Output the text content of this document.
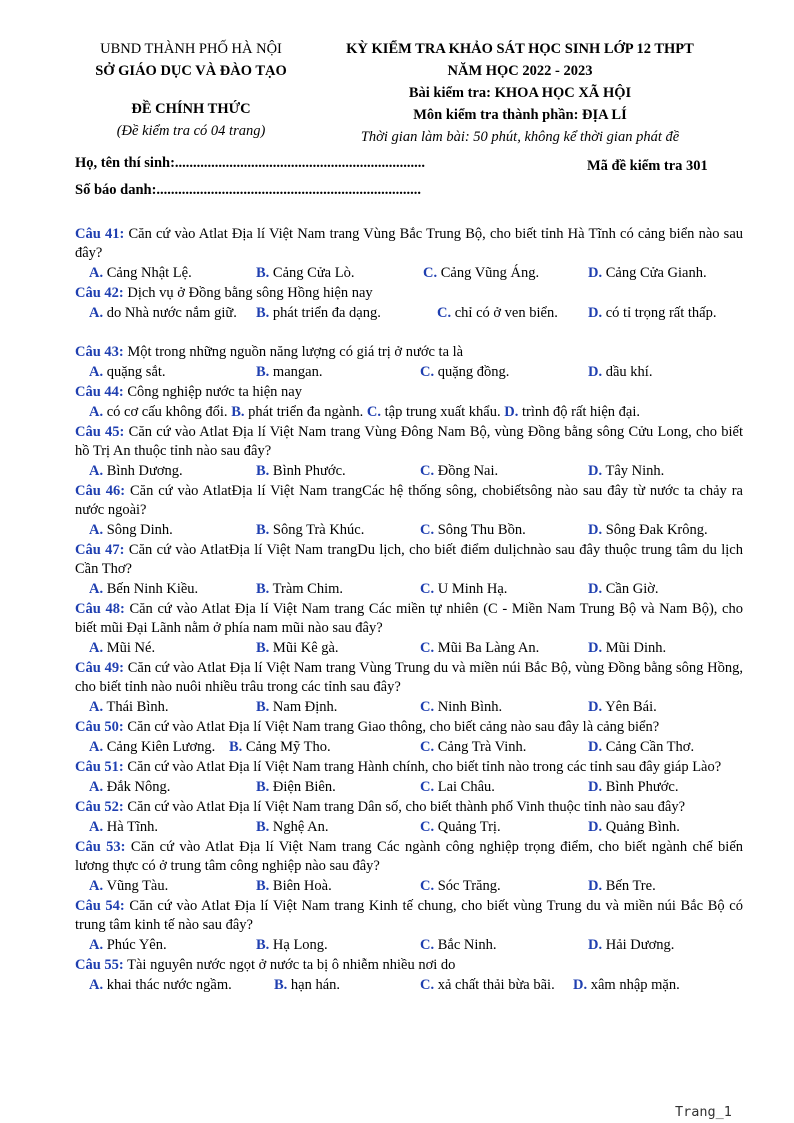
UBND THÀNH PHỐ HÀ NỘI
SỞ GIÁO DỤC VÀ ĐÀO TẠO
ĐỀ CHÍNH THỨC
(Đề kiểm tra có 04 trang)
KỲ KIỂM TRA KHẢO SÁT HỌC SINH LỚP 12 THPT
NĂM HỌC 2022 - 2023
Bài kiểm tra: KHOA HỌC XÃ HỘI
Môn kiểm tra thành phần: ĐỊA LÍ
Thời gian làm bài: 50 phút, không kể thời gian phát đề
Họ, tên thí sinh:.....................................................................
Số báo danh:.........................................................................
Mã đề kiểm tra 301
Câu 41: Căn cứ vào Atlat Địa lí Việt Nam trang Vùng Bắc Trung Bộ, cho biết tỉnh Hà Tĩnh có cảng biển nào sau đây?
A. Cảng Nhật Lệ.	B. Cảng Cửa Lò.	C. Cảng Vũng Áng.	D. Cảng Cửa Gianh.
Câu 42: Dịch vụ ở Đồng bằng sông Hồng hiện nay
A. do Nhà nước nắm giữ. B. phát triển đa dạng.	C. chỉ có ở ven biển.	D. có tỉ trọng rất thấp.
Câu 43: Một trong những nguồn năng lượng có giá trị ở nước ta là
A. quặng sắt.	B. mangan.	C. quặng đồng.	D. dầu khí.
Câu 44: Công nghiệp nước ta hiện nay
A. có cơ cấu không đổi. B. phát triển đa ngành. C. tập trung xuất khẩu. D. trình độ rất hiện đại.
Câu 45: Căn cứ vào Atlat Địa lí Việt Nam trang Vùng Đông Nam Bộ, vùng Đồng bằng sông Cửu Long, cho biết hồ Trị An thuộc tỉnh nào sau đây?
A. Bình Dương.	B. Bình Phước.	C. Đồng Nai.	D. Tây Ninh.
Câu 46: Căn cứ vào AtlatĐịa lí Việt Nam trangCác hệ thống sông, chobiếtsông nào sau đây từ nước ta chảy ra nước ngoài?
A. Sông Dinh.	B. Sông Trà Khúc.	C. Sông Thu Bồn.	D. Sông Đak Krông.
Câu 47: Căn cứ vào AtlatĐịa lí Việt Nam trangDu lịch, cho biết điểm dulịchnào sau đây thuộc trung tâm du lịch Cần Thơ?
A. Bến Ninh Kiều.	B. Tràm Chim.	C. U Minh Hạ.	D. Cần Giờ.
Câu 48: Căn cứ vào Atlat Địa lí Việt Nam trang Các miền tự nhiên (C - Miền Nam Trung Bộ và Nam Bộ), cho biết mũi Đại Lãnh nằm ở phía nam mũi nào sau đây?
A. Mũi Né.	B. Mũi Kê gà.	C. Mũi Ba Làng An.	D. Mũi Dinh.
Câu 49: Căn cứ vào Atlat Địa lí Việt Nam trang Vùng Trung du và miền núi Bắc Bộ, vùng Đồng bằng sông Hồng, cho biết tỉnh nào nuôi nhiều trâu trong các tỉnh sau đây?
A. Thái Bình.	B. Nam Định.	C. Ninh Bình.	D. Yên Bái.
Câu 50: Căn cứ vào Atlat Địa lí Việt Nam trang Giao thông, cho biết cảng nào sau đây là cảng biển?
A. Cảng Kiên Lương. B. Cảng Mỹ Tho.	C. Cảng Trà Vinh.	D. Cảng Cần Thơ.
Câu 51: Căn cứ vào Atlat Địa lí Việt Nam trang Hành chính, cho biết tỉnh nào trong các tỉnh sau đây giáp Lào?
A. Đắk Nông.	B. Điện Biên.	C. Lai Châu.	D. Bình Phước.
Câu 52: Căn cứ vào Atlat Địa lí Việt Nam trang Dân số, cho biết thành phố Vinh thuộc tỉnh nào sau đây?
A. Hà Tĩnh.	B. Nghệ An.	C. Quảng Trị.	D. Quảng Bình.
Câu 53: Căn cứ vào Atlat Địa lí Việt Nam trang Các ngành công nghiệp trọng điểm, cho biết ngành chế biến lương thực có ở trung tâm công nghiệp nào sau đây?
A. Vũng Tàu.	B. Biên Hoà.	C. Sóc Trăng.	D. Bến Tre.
Câu 54: Căn cứ vào Atlat Địa lí Việt Nam trang Kinh tế chung, cho biết vùng Trung du và miền núi Bắc Bộ có trung tâm kinh tế nào sau đây?
A. Phúc Yên.	B. Hạ Long.	C. Bắc Ninh.	D. Hải Dương.
Câu 55: Tài nguyên nước ngọt ở nước ta bị ô nhiễm nhiều nơi do
A. khai thác nước ngầm.	B. hạn hán.	C. xả chất thải bừa bãi. D. xâm nhập mặn.
Trang_1
